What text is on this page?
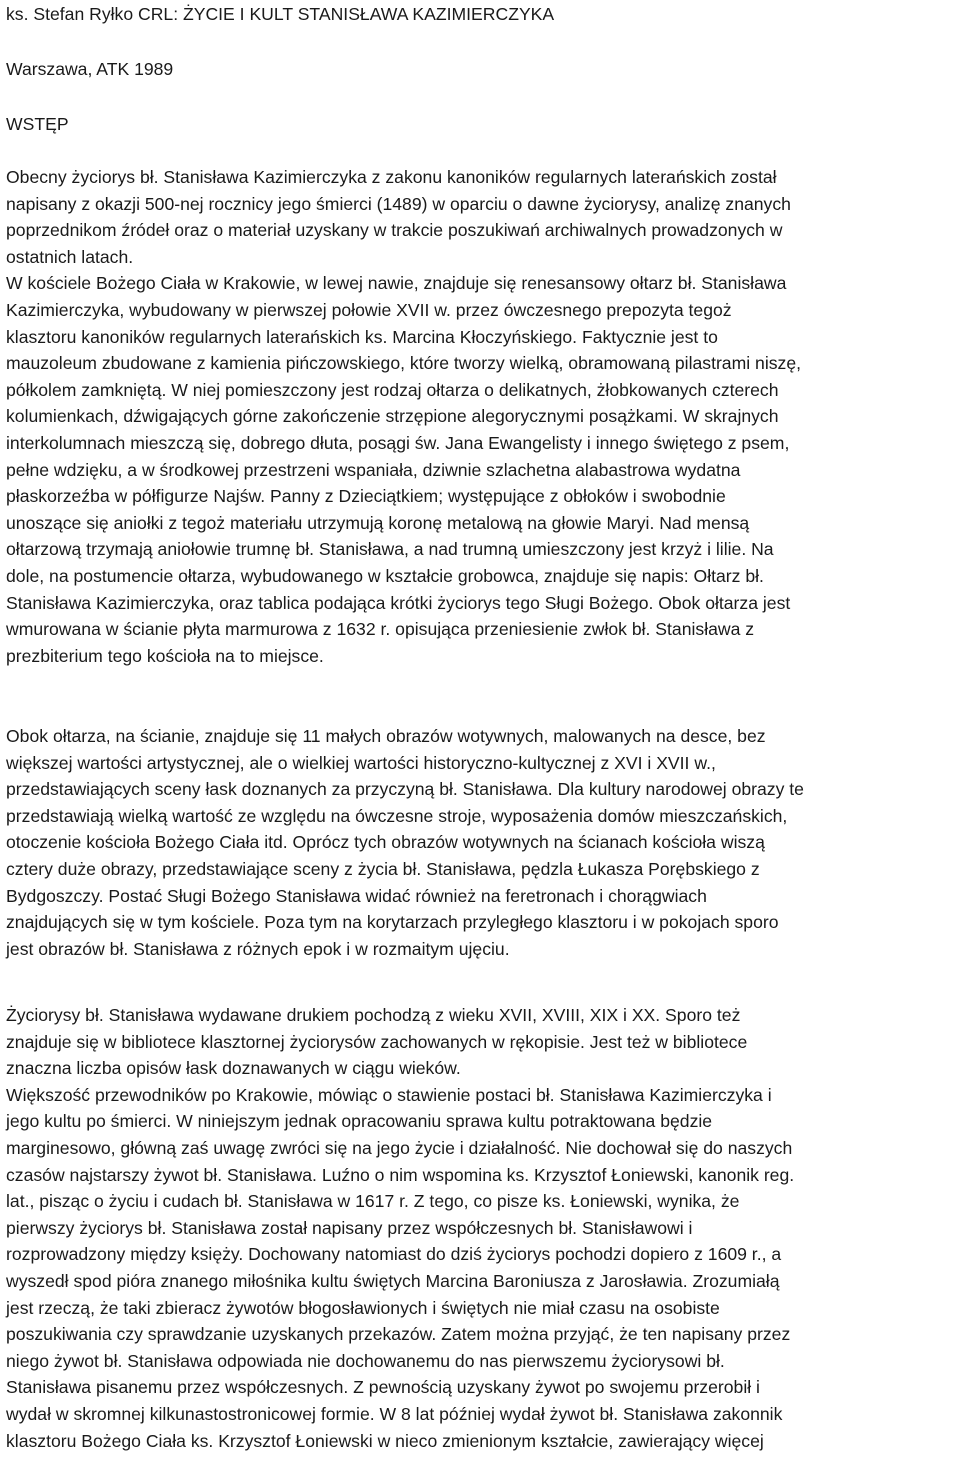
ks. Stefan Ryłko CRL: ŻYCIE I KULT STANISŁAWA KAZIMIERCZYKA

Warszawa, ATK 1989

WSTĘP

Obecny życiorys bł. Stanisława Kazimierczyka z zakonu kanoników regularnych laterańskich został
napisany z okazji 500-nej rocznicy jego śmierci (1489) w oparciu o dawne życiorysy, analizę znanych
poprzednikom źródeł oraz o materiał uzyskany w trakcie poszukiwań archiwalnych prowadzonych w
ostatnich latach.
W kościele Bożego Ciała w Krakowie, w lewej nawie, znajduje się renesansowy ołtarz bł. Stanisława
Kazimierczyka, wybudowany w pierwszej połowie XVII w. przez ówczesnego prepozyta tegoż
klasztoru kanoników regularnych laterańskich ks. Marcina Kłoczyńskiego. Faktycznie jest to
mauzoleum zbudowane z kamienia pińczowskiego, które tworzy wielką, obramowaną pilastrami niszę,
półkolem zamkniętą. W niej pomieszczony jest rodzaj ołtarza o delikatnych, żłobkowanych czterech
kolumienkach, dźwigających górne zakończenie strzępione alegorycznymi posążkami. W skrajnych
interkolumnach mieszczą się, dobrego dłuta, posągi św. Jana Ewangelisty i innego świętego z psem,
pełne wdzięku, a w środkowej przestrzeni wspaniała, dziwnie szlachetna alabastrowa wydatna
płaskorzeźba w półfigurze Najśw. Panny z Dzieciątkiem; występujące z obłoków i swobodnie
unoszące się aniołki z tegoż materiału utrzymują koronę metalową na głowie Maryi. Nad mensą
ołtarzową trzymają aniołowie trumnę bł. Stanisława, a nad trumną umieszczony jest krzyż i lilie. Na
dole, na postumencie ołtarza, wybudowanego w kształcie grobowca, znajduje się napis: Ołtarz bł.
Stanisława Kazimierczyka, oraz tablica podająca krótki życiorys tego Sługi Bożego. Obok ołtarza jest
wmurowana w ścianie płyta marmurowa z 1632 r. opisująca przeniesienie zwłok bł. Stanisława z
prezbiterium tego kościoła na to miejsce.

Obok ołtarza, na ścianie, znajduje się 11 małych obrazów wotywnych, malowanych na desce, bez
większej wartości artystycznej, ale o wielkiej wartości historyczno-kultycznej z XVI i XVII w.,
przedstawiających sceny łask doznanych za przyczyną bł. Stanisława. Dla kultury narodowej obrazy te
przedstawiają wielką wartość ze względu na ówczesne stroje, wyposażenia domów mieszczańskich,
otoczenie kościoła Bożego Ciała itd. Oprócz tych obrazów wotywnych na ścianach kościoła wiszą
cztery duże obrazy, przedstawiające sceny z życia bł. Stanisława, pędzla Łukasza Porębskiego z
Bydgoszczy. Postać Sługi Bożego Stanisława widać również na feretronach i chorągwiach
znajdujących się w tym kościele. Poza tym na korytarzach przyległego klasztoru i w pokojach sporo
jest obrazów bł. Stanisława z różnych epok i w rozmaitym ujęciu.

Życiorysy bł. Stanisława wydawane drukiem pochodzą z wieku XVII, XVIII, XIX i XX. Sporo też
znajduje się w bibliotece klasztornej życiorysów zachowanych w rękopisie. Jest też w bibliotece
znaczna liczba opisów łask doznawanych w ciągu wieków.
Większość przewodników po Krakowie, mówiąc o stawienie postaci bł. Stanisława Kazimierczyka i
jego kultu po śmierci. W niniejszym jednak opracowaniu sprawa kultu potraktowana będzie
marginesowo, główną zaś uwagę zwróci się na jego życie i działalność. Nie dochował się do naszych
czasów najstarszy żywot bł. Stanisława. Luźno o nim wspomina ks. Krzysztof Łoniewski, kanonik reg.
lat., pisząc o życiu i cudach bł. Stanisława w 1617 r. Z tego, co pisze ks. Łoniewski, wynika, że
pierwszy życiorys bł. Stanisława został napisany przez współczesnych bł. Stanisławowi i
rozprowadzony między księży. Dochowany natomiast do dziś życiorys pochodzi dopiero z 1609 r., a
wyszedł spod pióra znanego miłośnika kultu świętych Marcina Baroniusza z Jarosławia. Zrozumiałą
jest rzeczą, że taki zbieracz żywotów błogosławionych i świętych nie miał czasu na osobiste
poszukiwania czy sprawdzanie uzyskanych przekazów. Zatem można przyjąć, że ten napisany przez
niego żywot bł. Stanisława odpowiada nie dochowanemu do nas pierwszemu życiorysowi bł.
Stanisława pisanemu przez współczesnych. Z pewnością uzyskany żywot po swojemu przerobił i
wydał w skromnej kilkunastostronicowej formie. W 8 lat później wydał żywot bł. Stanisława zakonnik
klasztoru Bożego Ciała ks. Krzysztof Łoniewski w nieco zmienionym kształcie, zawierający więcej
